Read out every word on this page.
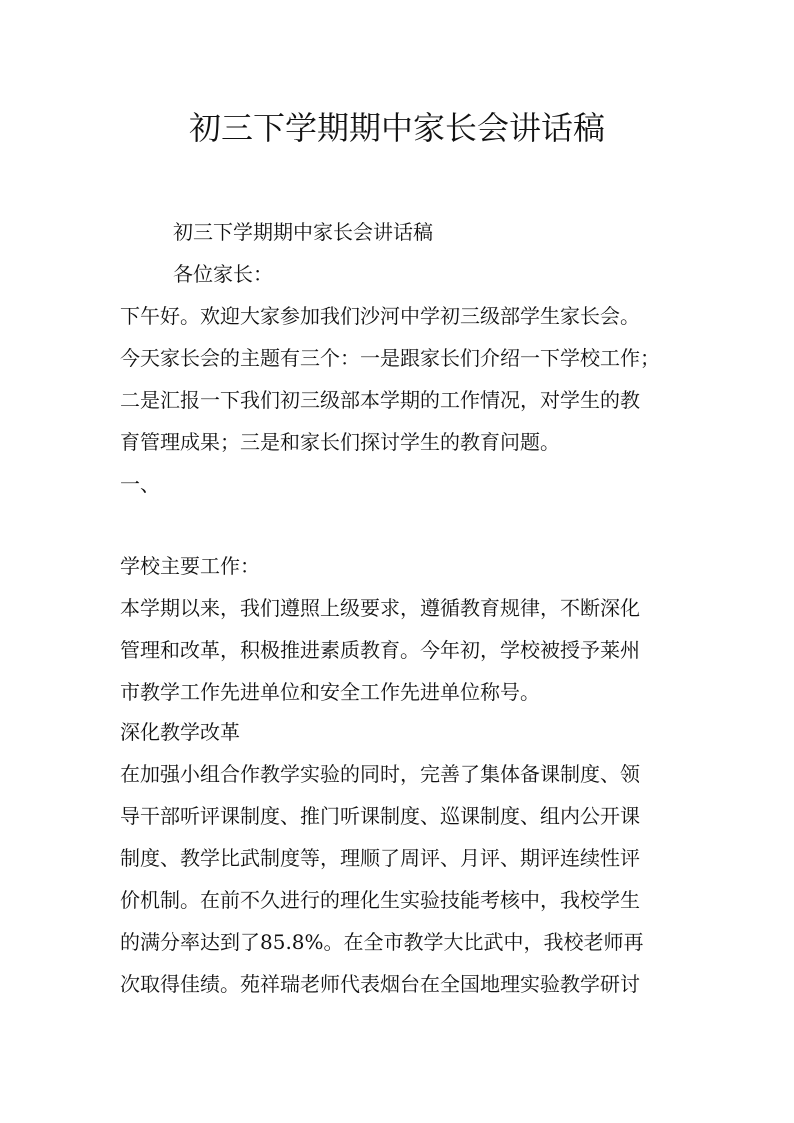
初三下学期期中家长会讲话稿

初三下学期期中家长会讲话稿

各位家长：

下午好。欢迎大家参加我们沙河中学初三级部学生家长会。

今天家长会的主题有三个：一是跟家长们介绍一下学校工作；

二是汇报一下我们初三级部本学期的工作情况，对学生的教

育管理成果；三是和家长们探讨学生的教育问题。

一、

学校主要工作：

本学期以来，我们遵照上级要求，遵循教育规律，不断深化

管理和改革，积极推进素质教育。今年初，学校被授予莱州

市教学工作先进单位和安全工作先进单位称号。

深化教学改革

在加强小组合作教学实验的同时，完善了集体备课制度、领

导干部听评课制度、推门听课制度、巡课制度、组内公开课

制度、教学比武制度等，理顺了周评、月评、期评连续性评

价机制。在前不久进行的理化生实验技能考核中，我校学生

的满分率达到了85.8%。在全市教学大比武中，我校老师再

次取得佳绩。苑祥瑞老师代表烟台在全国地理实验教学研讨
